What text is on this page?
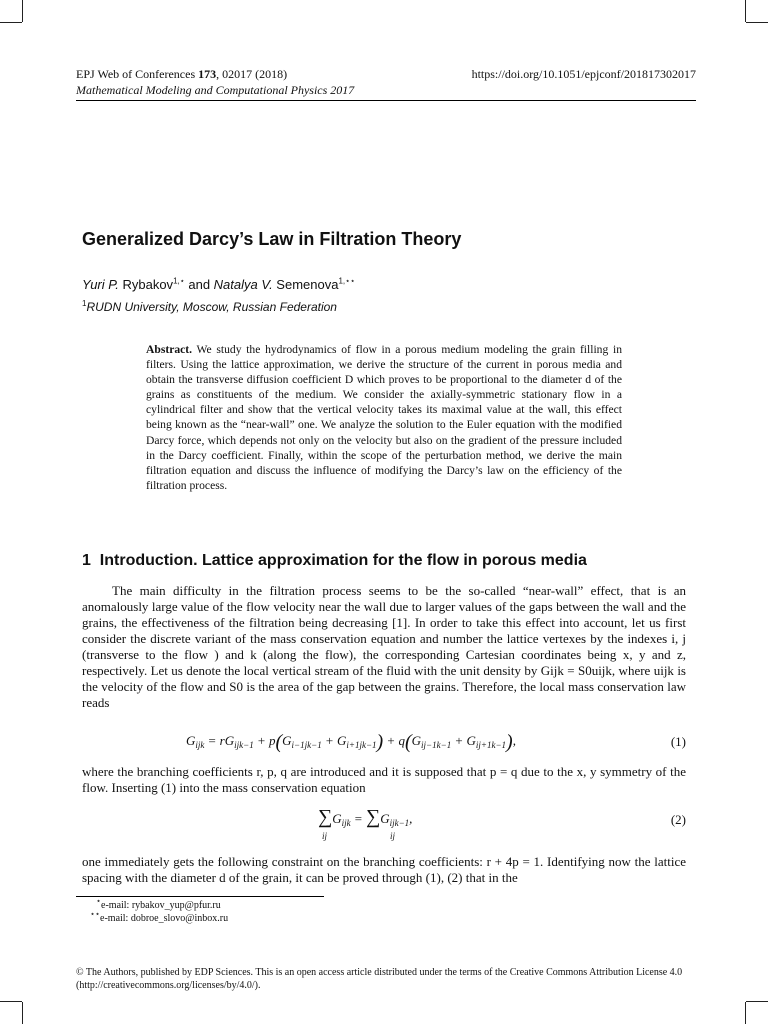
EPJ Web of Conferences 173, 02017 (2018)	https://doi.org/10.1051/epjconf/201817302017
Mathematical Modeling and Computational Physics 2017
Generalized Darcy’s Law in Filtration Theory
Yuri P. Rybakov$^{1,⋆}$ and Natalya V. Semenova$^{1,⋆⋆}$
$^1$RUDN University, Moscow, Russian Federation
Abstract. We study the hydrodynamics of flow in a porous medium modeling the grain filling in filters. Using the lattice approximation, we derive the structure of the current in porous media and obtain the transverse diffusion coefficient D which proves to be proportional to the diameter d of the grains as constituents of the medium. We consider the axially-symmetric stationary flow in a cylindrical filter and show that the vertical velocity takes its maximal value at the wall, this effect being known as the “near-wall” one. We analyze the solution to the Euler equation with the modified Darcy force, which depends not only on the velocity but also on the gradient of the pressure included in the Darcy coefficient. Finally, within the scope of the perturbation method, we derive the main filtration equation and discuss the influence of modifying the Darcy’s law on the efficiency of the filtration process.
1 Introduction. Lattice approximation for the flow in porous media
The main difficulty in the filtration process seems to be the so-called “near-wall” effect, that is an anomalously large value of the flow velocity near the wall due to larger values of the gaps between the wall and the grains, the effectiveness of the filtration being decreasing [1]. In order to take this effect into account, let us first consider the discrete variant of the mass conservation equation and number the lattice vertexes by the indexes i, j (transverse to the flow ) and k (along the flow), the corresponding Cartesian coordinates being x, y and z, respectively. Let us denote the local vertical stream of the fluid with the unit density by Gijk = S0uijk, where uijk is the velocity of the flow and S0 is the area of the gap between the grains. Therefore, the local mass conservation law reads
$G_{ijk} = rG_{ijk-1} + p(G_{i-1jk-1} + G_{i+1jk-1}) + q(G_{ij-1k-1} + G_{ij+1k-1})$,	(1)
where the branching coefficients r, p, q are introduced and it is supposed that p = q due to the x, y symmetry of the flow. Inserting (1) into the mass conservation equation
$\sum G_{ijk} = \sum G_{ijk-1}$,
ij	ij
(2)
one immediately gets the following constraint on the branching coefficients: r + 4p = 1. Identifying now the lattice spacing with the diameter d of the grain, it can be proved through (1), (2) that in the
⋆e-mail: rybakov_yup@pfur.ru
⋆⋆e-mail: dobroe_slovo@inbox.ru
© The Authors, published by EDP Sciences. This is an open access article distributed under the terms of the Creative Commons Attribution License 4.0 (http://creativecommons.org/licenses/by/4.0/).
